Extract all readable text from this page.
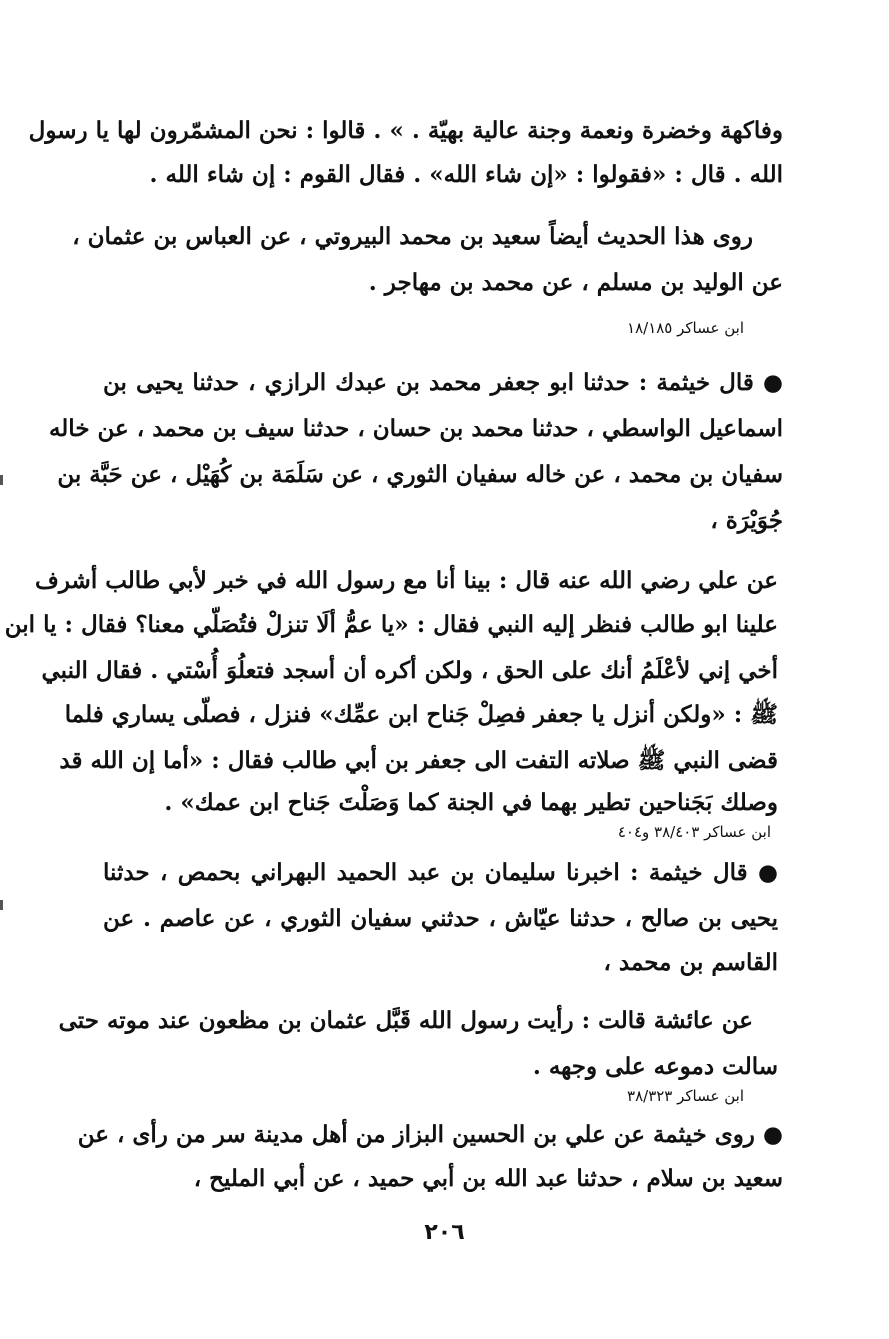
وفاكهة وخضرة ونعمة وجنة عالية بهيّة . » . قالوا : نحن المشمّرون لها يا رسول
الله . قال : «فقولوا : «إن شاء الله» . فقال القوم : إن شاء الله .
روى هذا الحديث أيضاً سعيد بن محمد البيروتي ، عن العباس بن عثمان ،
عن الوليد بن مسلم ، عن محمد بن مهاجر .
ابن عساكر ١٨/١٨٥
● قال خيثمة : حدثنا ابو جعفر محمد بن عبدك الرازي ، حدثنا يحيى بن
اسماعيل الواسطي ، حدثنا محمد بن حسان ، حدثنا سيف بن محمد ، عن خاله
سفيان بن محمد ، عن خاله سفيان الثوري ، عن سَلَمَة بن كُهَيْل ، عن حَبَّة بن
جُوَيْرَة ،
عن علي رضي الله عنه قال : بينا أنا مع رسول الله في خبر لأبي طالب أشرف
علينا ابو طالب فنظر إليه النبي فقال : «يا عمُّ ألَا تنزلْ فتُصَلّي معنا؟ فقال : يا ابن
أخي إني لأعْلَمُ أنك على الحق ، ولكن أكره أن أسجد فتعلُوَ أُسْتي . فقال النبي
ﷺ : «ولكن أنزل يا جعفر فصِلْ جَناح ابن عمِّك» فنزل ، فصلّى يساري فلما
قضى النبي ﷺ صلاته التفت الى جعفر بن أبي طالب فقال : «أما إن الله قد
وصلك بَجَناحين تطير بهما في الجنة كما وَصَلْتَ جَناح ابن عمك» .
ابن عساكر ٣٨/٤٠٣ و٤٠٤
● قال خيثمة : اخبرنا سليمان بن عبد الحميد البهراني بحمص ، حدثنا
يحيى بن صالح ، حدثنا عيّاش ، حدثني سفيان الثوري ، عن عاصم . عن
القاسم بن محمد ،
عن عائشة قالت : رأيت رسول الله قَبَّل عثمان بن مظعون عند موته حتى
سالت دموعه على وجهه .
ابن عساكر ٣٨/٣٢٣
● روى خيثمة عن علي بن الحسين البزاز من أهل مدينة سر من رأى ، عن
سعيد بن سلام ، حدثنا عبد الله بن أبي حميد ، عن أبي المليح ،
٢٠٦
